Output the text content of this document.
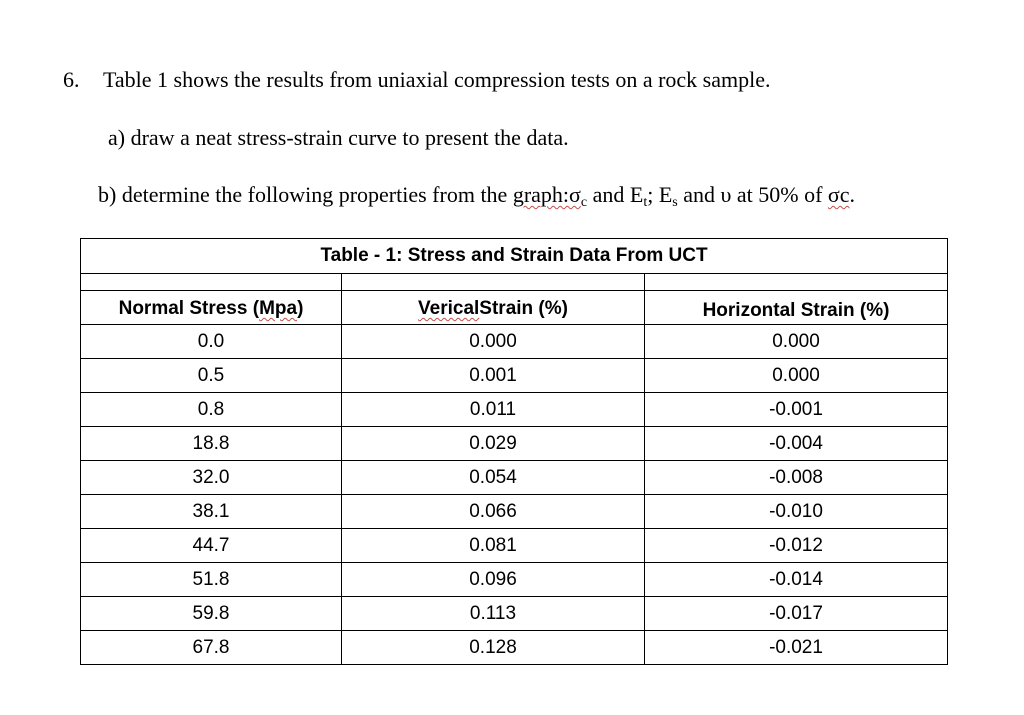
6. Table 1 shows the results from uniaxial compression tests on a rock sample.
a) draw a neat stress-strain curve to present the data.
b) determine the following properties from the $graph:\sigma_c$ and $E_t$; $E_s$ and υ at 50% of σc.
Table - 1: Stress and Strain Data From UCT		

Normal Stress (Mpa)	VericalStrain (%)	Horizontal Strain (%)
0.0	0.000	0.000
0.5	0.001	0.000
0.8	0.011	-0.001
18.8	0.029	-0.004
32.0	0.054	-0.008
38.1	0.066	-0.010
44.7	0.081	-0.012
51.8	0.096	-0.014
59.8	0.113	-0.017
67.8	0.128	-0.021
